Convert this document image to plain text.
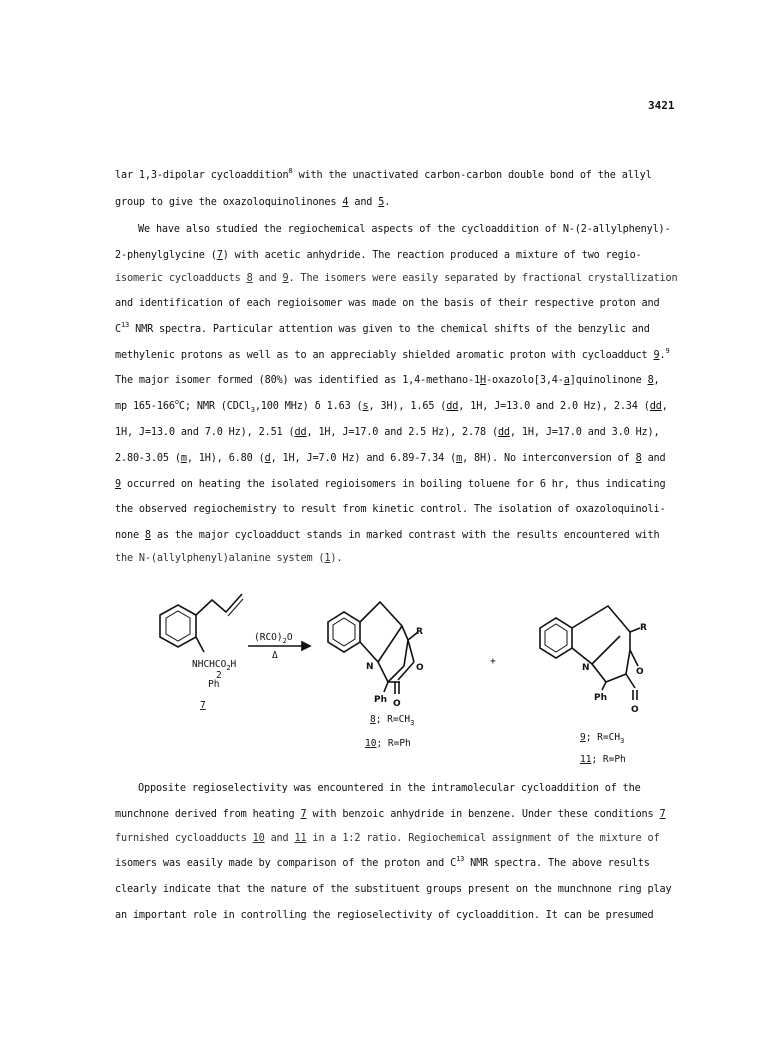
3421
lar 1,3-dipolar cycloaddition$^8$ with the unactivated carbon-carbon double bond of the allyl
group to give the oxazoloquinolinones 4 and 5.
We have also studied the regiochemical aspects of the cycloaddition of N-(2-allylphenyl)-
2-phenylglycine (7) with acetic anhydride. The reaction produced a mixture of two regio-
isomeric cycloadducts 8 and 9. The isomers were easily separated by fractional crystallization
and identification of each regioisomer was made on the basis of their respective proton and
$C^{13}$ NMR spectra. Particular attention was given to the chemical shifts of the benzylic and
methylenic protons as well as to an appreciably shielded aromatic proton with cycloadduct 9.$^9$
The major isomer formed (80%) was identified as 1,4-methano-1H-oxazolo[3,4-a]quinolinone 8,
mp 165-166$^o$C; NMR (CDCl$_3$,100 MHz) δ 1.63 (s, 3H), 1.65 (dd, 1H, J=13.0 and 2.0 Hz), 2.34 (dd,
1H, J=13.0 and 7.0 Hz), 2.51 (dd, 1H, J=17.0 and 2.5 Hz), 2.78 (dd, 1H, J=17.0 and 3.0 Hz),
2.80-3.05 (m, 1H), 6.80 (d, 1H, J=7.0 Hz) and 6.89-7.34 (m, 8H). No interconversion of 8 and
9 occurred on heating the isolated regioisomers in boiling toluene for 6 hr, thus indicating
the observed regiochemistry to result from kinetic control. The isolation of oxazoloquinoli-
none 8 as the major cycloadduct stands in marked contrast with the results encountered with
the N-(allylphenyl)alanine system (1).
Opposite regioselectivity was encountered in the intramolecular cycloaddition of the
munchnone derived from heating 7 with benzoic anhydride in benzene. Under these conditions 7
furnished cycloadducts 10 and 11 in a 1:2 ratio. Regiochemical assignment of the mixture of
isomers was easily made by comparison of the proton and $C^{13}$ NMR spectra. The above results
clearly indicate that the nature of the substituent groups present on the munchnone ring play
an important role in controlling the regioselectivity of cycloaddition. It can be presumed
$NHCHCO_2H$
2
Ph
7
$(RCO)_2O$
Δ
R
N	O
O
Ph
8; $R=CH_3$
10; R=Ph
+
R
N	O
O
Ph
9; $R=CH_3$
11; R=Ph
